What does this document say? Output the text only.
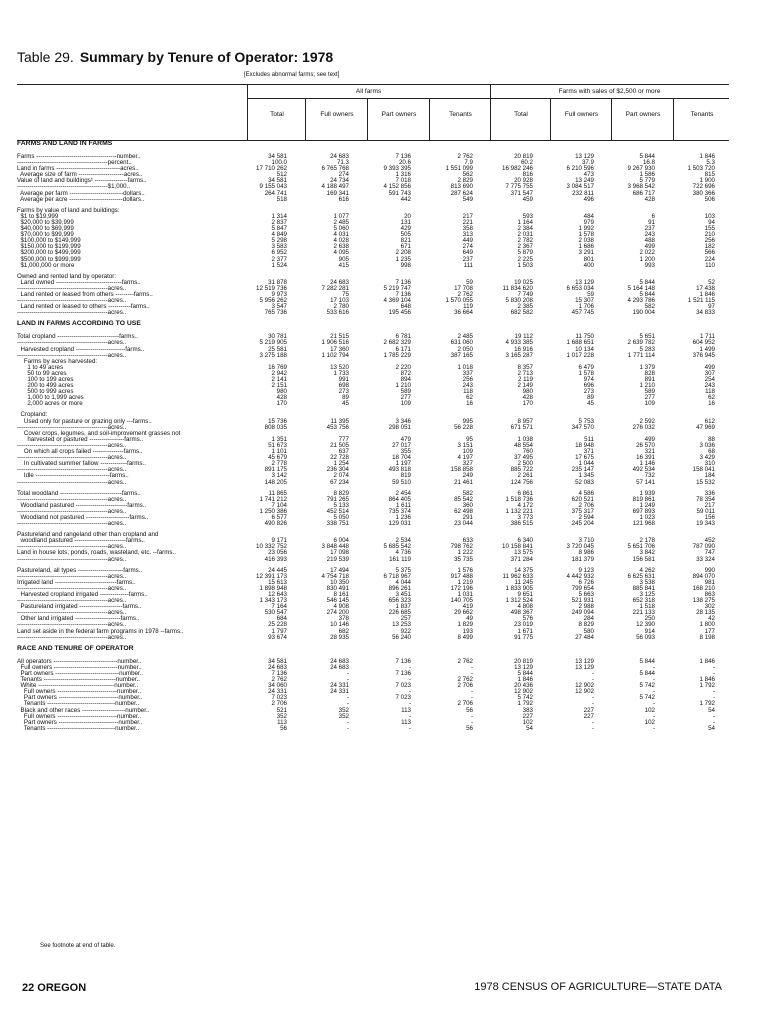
Table 29. Summary by Tenure of Operator: 1978
[Excludes abnormal farms; see text]
All farms	Farms with sales of $2,500 or more
Total	Full owners	Part owners	Tenants	Total	Full owners	Part owners	Tenants
FARMS AND LAND IN FARMS
Farms ---------------------------------------number..	34 581	24 683	7 136	2 762	20 819	13 129	5 844	1 846
--------------------------------------------percent..	100.0	71.3	20.6	7.9	60.2	37.9	16.8	5.3
Land in farms -------------------------------acres..	17 710 262	6 765 768	9 393 395	1 551 099	16 982 246	6 210 596	9 267 930	1 503 720
Average size of farm ----------------------acres..	512	274	1 316	562	816	473	1 586	815
Value of land and buildings¹ ----------------farms..	34 581	24 734	7 018	2 829	20 928	13 249	5 779	1 900
--------------------------------------------$1,000..	9 155 043	4 188 497	4 152 856	813 690	7 775 755	3 084 517	3 968 542	722 696
Average per farm --------------------------dollars..	264 741	169 341	591 743	287 624	371 547	232 811	686 717	380 366
Average per acre --------------------------dollars..	518	616	442	549	459	496	428	506
Farms by value of land and buildings:
$1 to $19,999	1 314	1 077	20	217	593	484	6	103
$20,000 to $39,999	2 837	2 485	131	221	1 164	979	91	94
$40,000 to $69,999	5 847	5 060	429	358	2 384	1 992	237	155
$70,000 to $99,999	4 849	4 031	505	313	2 031	1 578	243	210
$100,000 to $149,999	5 298	4 028	821	449	2 782	2 038	488	256
$150,000 to $199,999	3 583	2 638	671	274	2 367	1 686	499	182
$200,000 to $499,999	6 952	4 095	2 208	649	5 879	3 291	2 022	566
$500,000 to $999,999	2 377	905	1 235	237	2 225	801	1 200	224
$1,000,000 or more	1 524	415	998	111	1 503	400	993	110
Owned and rented land by operator:
Land owned --------------------------------farms..	31 878	24 683	7 136	59	19 025	13 129	5 844	52
--------------------------------------------acres..	12 519 736	7 282 281	5 219 747	17 708	11 834 620	6 653 034	5 164 148	17 438
Land rented or leased from others ---------farms..	9 973	75	7 136	2 762	7 749	59	5 844	1 846
--------------------------------------------acres..	5 956 262	17 103	4 369 104	1 570 055	5 830 208	15 307	4 293 786	1 521 115
Land rented or leased to others -----------farms..	3 547	2 780	648	119	2 385	1 706	582	97
--------------------------------------------acres..	765 736	533 616	195 456	36 664	682 582	457 745	190 004	34 833
LAND IN FARMS ACCORDING TO USE
Total cropland ------------------------------farms..	30 781	21 515	6 781	2 485	19 112	11 750	5 651	1 711
--------------------------------------------acres..	5 219 905	1 906 516	2 682 329	631 060	4 933 385	1 688 651	2 639 782	604 952
Harvested cropland ------------------------farms..	25 581	17 360	6 171	2 050	16 916	10 134	5 283	1 499
--------------------------------------------acres..	3 275 188	1 102 794	1 785 229	387 165	3 165 287	1 017 228	1 771 114	376 945
Farms by acres harvested:
1 to 49 acres	16 769	13 520	2 220	1 018	8 357	6 479	1 379	499
50 to 99 acres	2 942	1 733	872	337	2 713	1 578	828	307
100 to 199 acres	2 141	991	894	256	2 119	974	891	254
200 to 499 acres	2 151	698	1 210	243	2 149	696	1 210	243
500 to 999 acres	980	273	589	118	980	273	589	118
1,000 to 1,999 acres	428	89	277	62	428	89	277	62
2,000 acres or more	170	45	109	16	170	45	109	16
Cropland:
Used only for pasture or grazing only ---farms..	15 736	11 395	3 346	995	8 957	5 753	2 592	612
--------------------------------------------acres..	808 035	453 756	298 051	56 228	671 571	347 570	276 032	47 969
Cover crops, legumes, and soil-improvement grasses not
harvested or pastured -----------------farms..	1 351	777	479	95	1 038	511	499	88
--------------------------------------------acres..	51 673	21 505	27 017	3 151	48 554	18 948	26 570	3 036
On which all crops failed ---------------farms..	1 101	637	355	109	760	371	321	68
--------------------------------------------acres..	45 679	22 728	18 704	4 197	37 495	17 675	16 391	3 429
In cultivated summer fallow -------------farms..	2 778	1 254	1 197	327	2 500	1 044	1 146	310
--------------------------------------------acres..	891 175	236 304	493 818	158 858	885 722	235 147	492 534	158 041
Idle ------------------------------------farms..	3 142	2 074	819	249	2 261	1 345	732	184
--------------------------------------------acres..	148 205	67 234	59 510	21 461	124 756	52 083	57 141	15 532
Total woodland ------------------------------farms..	11 865	8 829	2 454	582	6 861	4 586	1 939	336
--------------------------------------------acres..	1 741 212	791 265	864 405	85 542	1 518 736	620 521	819 861	78 354
Woodland pastured -------------------------farms..	7 104	5 133	1 611	360	4 172	2 706	1 249	217
--------------------------------------------acres..	1 250 386	452 514	735 374	62 498	1 132 221	375 317	697 893	59 011
Woodland not pastured ---------------------farms..	6 577	5 050	1 236	291	3 773	2 594	1 023	156
--------------------------------------------acres..	490 826	338 751	129 031	23 044	386 515	245 204	121 968	19 343
Pastureland and rangeland other than cropland and
woodland pastured -------------------------farms..	9 171	6 004	2 534	633	6 340	3 710	2 178	452
--------------------------------------------acres..	10 332 752	3 848 448	5 685 542	798 762	10 158 841	3 720 045	5 651 706	787 090
Land in house lots, ponds, roads, wasteland, etc. --farms..	23 056	17 098	4 736	1 222	13 575	8 986	3 842	747
--------------------------------------------acres..	416 393	219 539	161 119	35 735	371 284	181 379	156 581	33 324
Pastureland, all types ----------------------farms..	24 445	17 494	5 375	1 576	14 375	9 123	4 262	990
--------------------------------------------acres..	12 391 173	4 754 718	6 718 967	917 488	11 962 633	4 442 932	6 625 631	894 070
Irrigated land ------------------------------farms..	15 613	10 350	4 044	1 219	11 245	6 726	3 538	981
--------------------------------------------acres..	1 898 948	830 491	896 261	172 196	1 833 905	799 654	885 841	168 210
Harvested cropland irrigated --------------farms..	12 643	8 161	3 451	1 031	9 651	5 663	3 125	863
--------------------------------------------acres..	1 343 173	546 145	656 323	140 705	1 312 524	521 931	652 318	138 275
Pastureland irrigated ---------------------farms..	7 164	4 908	1 837	419	4 808	2 988	1 518	302
--------------------------------------------acres..	530 547	274 200	226 685	29 662	498 367	249 094	221 133	28 135
Other land irrigated ----------------------farms..	684	378	257	49	576	284	250	42
--------------------------------------------acres..	25 228	10 146	13 253	1 829	23 019	8 829	12 390	1 800
Land set aside in the federal farm programs in 1978 --farms..	1 797	682	922	193	1 671	580	914	177
--------------------------------------------acres..	93 674	28 935	56 240	8 499	91 775	27 484	56 093	8 198
RACE AND TENURE OF OPERATOR
All operators -------------------------------number..	34 581	24 683	7 136	2 762	20 819	13 129	5 844	1 846
Full owners -------------------------------number..	24 683	24 683	-	-	13 129	13 129	-	-
Part owners -------------------------------number..	7 136	-	7 136	-	5 844	-	5 844	-
Tenants -----------------------------------number..	2 762	-	-	2 762	1 846	-	-	1 846
White -------------------------------------number..	34 060	24 331	7 023	2 706	20 436	12 902	5 742	1 792
Full owners -----------------------------number..	24 331	24 331	-	-	12 902	12 902	-	-
Part owners -----------------------------number..	7 023	-	7 023	-	5 742	-	5 742	-
Tenants ---------------------------------number..	2 706	-	-	2 706	1 792	-	-	1 792
Black and other races ---------------------number..	521	352	113	56	383	227	102	54
Full owners -----------------------------number..	352	352	-	-	227	227	-	-
Part owners -----------------------------number..	113	-	113	-	102	-	102	-
Tenants ---------------------------------number..	56	-	-	56	54	-	-	54
See footnote at end of table.
22 OREGON	1978 CENSUS OF AGRICULTURE—STATE DATA
